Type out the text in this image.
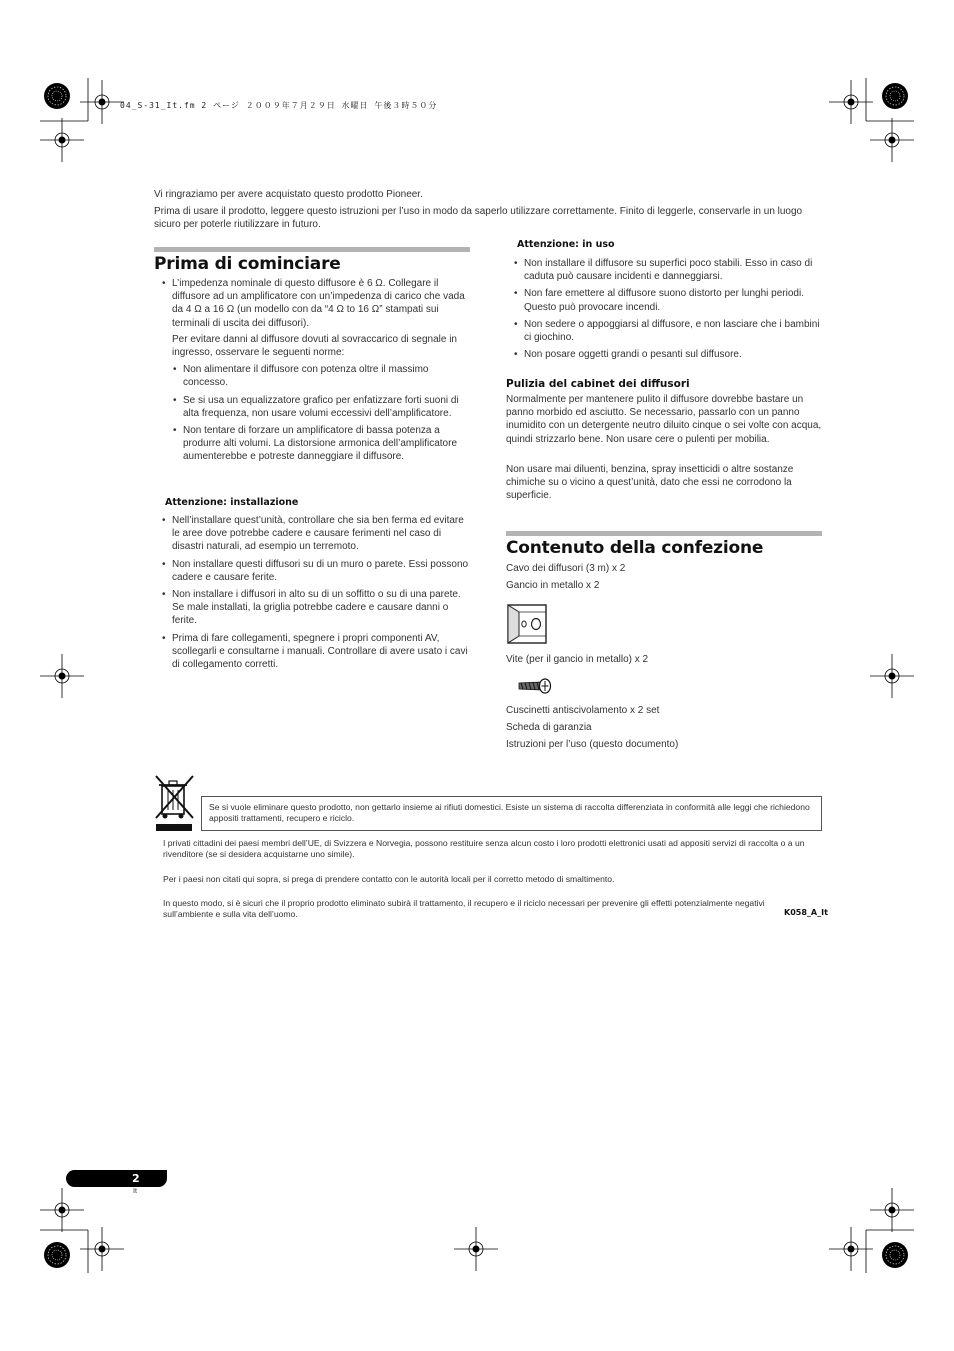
04_S-31_It.fm 2 ページ ２００９年７月２９日 水曜日 午後３時５０分

Vi ringraziamo per avere acquistato questo prodotto Pioneer.

Prima di usare il prodotto, leggere questo istruzioni per l’uso in modo da saperlo utilizzare correttamente. Finito di leggerle, conservarle in un luogo sicuro per poterle riutilizzare in futuro.

Prima di cominciare
• L’impedenza nominale di questo diffusore è 6 Ω. Collegare il diffusore ad un amplificatore con un’impedenza di carico che vada da 4 Ω a 16 Ω (un modello con da “4 Ω to 16 Ω” stampati sui terminali di uscita dei diffusori).
Per evitare danni al diffusore dovuti al sovraccarico di segnale in ingresso, osservare le seguenti norme:
• Non alimentare il diffusore con potenza oltre il massimo concesso.
• Se si usa un equalizzatore grafico per enfatizzare forti suoni di alta frequenza, non usare volumi eccessivi dell’amplificatore.
• Non tentare di forzare un amplificatore di bassa potenza a produrre alti volumi. La distorsione armonica dell’amplificatore aumenterebbe e potreste danneggiare il diffusore.
Attenzione: installazione
• Nell’installare quest’unità, controllare che sia ben ferma ed evitare le aree dove potrebbe cadere e causare ferimenti nel caso di disastri naturali, ad esempio un terremoto.
• Non installare questi diffusori su di un muro o parete. Essi possono cadere e causare ferite.
• Non installare i diffusori in alto su di un soffitto o su di una parete. Se male installati, la griglia potrebbe cadere e causare danni o ferite.
• Prima di fare collegamenti, spegnere i propri componenti AV, scollegarli e consultarne i manuali. Controllare di avere usato i cavi di collegamento corretti.
Attenzione: in uso
• Non installare il diffusore su superfici poco stabili. Esso in caso di caduta può causare incidenti e danneggiarsi.
• Non fare emettere al diffusore suono distorto per lunghi periodi. Questo può provocare incendi.
• Non sedere o appoggiarsi al diffusore, e non lasciare che i bambini ci giochino.
• Non posare oggetti grandi o pesanti sul diffusore.
Pulizia del cabinet dei diffusori

Normalmente per mantenere pulito il diffusore dovrebbe bastare un panno morbido ed asciutto. Se necessario, passarlo con un panno inumidito con un detergente neutro diluito cinque o sei volte con acqua, quindi strizzarlo bene. Non usare cere o pulenti per mobilia.

Non usare mai diluenti, benzina, spray insetticidi o altre sostanze chimiche su o vicino a quest’unità, dato che essi ne corrodono la superficie.

Contenuto della confezione

Cavo dei diffusori (3 m) x 2

Gancio in metallo x 2

Vite (per il gancio in metallo) x 2

Cuscinetti antiscivolamento x 2 set

Scheda di garanzia

Istruzioni per l’uso (questo documento)

Se si vuole eliminare questo prodotto, non gettarlo insieme ai rifiuti domestici. Esiste un sistema di raccolta differenziata in conformità alle leggi che richiedono appositi trattamenti, recupero e riciclo.

I privati cittadini dei paesi membri dell’UE, di Svizzera e Norvegia, possono restituire senza alcun costo i loro prodotti elettronici usati ad appositi servizi di raccolta o a un rivenditore (se si desidera acquistarne uno simile).

Per i paesi non citati qui sopra, si prega di prendere contatto con le autorità locali per il corretto metodo di smaltimento.

In questo modo, si è sicuri che il proprio prodotto eliminato subirà il trattamento, il recupero e il riciclo necessari per prevenire gli effetti potenzialmente negativi sull’ambiente e sulla vita dell’uomo.	K058_A_It
2
It
